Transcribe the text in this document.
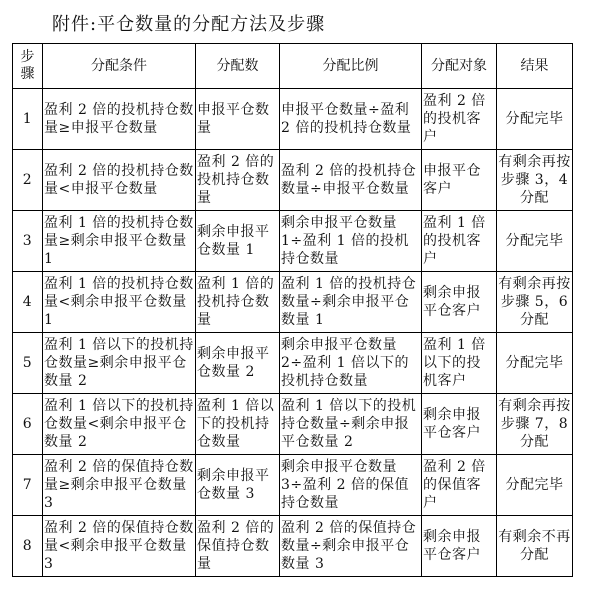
附件:平仓数量的分配方法及步骤
步骤	分配条件	分配数	分配比例	分配对象	结果
1	盈利 2 倍的投机持仓数量≥申报平仓数量	申报平仓数量	申报平仓数量÷盈利 2 倍的投机持仓数量	盈利 2 倍的投机客户	分配完毕
2	盈利 2 倍的投机持仓数量<申报平仓数量	盈利 2 倍的投机持仓数量	盈利 2 倍的投机持仓数量÷申报平仓数量	申报平仓客户	有剩余再按步骤 3，4 分配
3	盈利 1 倍的投机持仓数量≥剩余申报平仓数量 1	剩余申报平仓数量 1	剩余申报平仓数量 1÷盈利 1 倍的投机持仓数量	盈利 1 倍的投机客户	分配完毕
4	盈利 1 倍的投机持仓数量<剩余申报平仓数量 1	盈利 1 倍的投机持仓数量	盈利 1 倍的投机持仓数量÷剩余申报平仓数量 1	剩余申报平仓客户	有剩余再按步骤 5，6 分配
5	盈利 1 倍以下的投机持仓数量≥剩余申报平仓数量 2	剩余申报平仓数量 2	剩余申报平仓数量 2÷盈利 1 倍以下的投机持仓数量	盈利 1 倍以下的投机客户	分配完毕
6	盈利 1 倍以下的投机持仓数量<剩余申报平仓数量 2	盈利 1 倍以下的投机持仓数量	盈利 1 倍以下的投机持仓数量÷剩余申报平仓数量 2	剩余申报平仓客户	有剩余再按步骤 7，8 分配
7	盈利 2 倍的保值持仓数量≥剩余申报平仓数量 3	剩余申报平仓数量 3	剩余申报平仓数量 3÷盈利 2 倍的保值持仓数量	盈利 2 倍的保值客户	分配完毕
8	盈利 2 倍的保值持仓数量<剩余申报平仓数量 3	盈利 2 倍的保值持仓数量	盈利 2 倍的保值持仓数量÷剩余申报平仓数量 3	剩余申报平仓客户	有剩余不再分配
